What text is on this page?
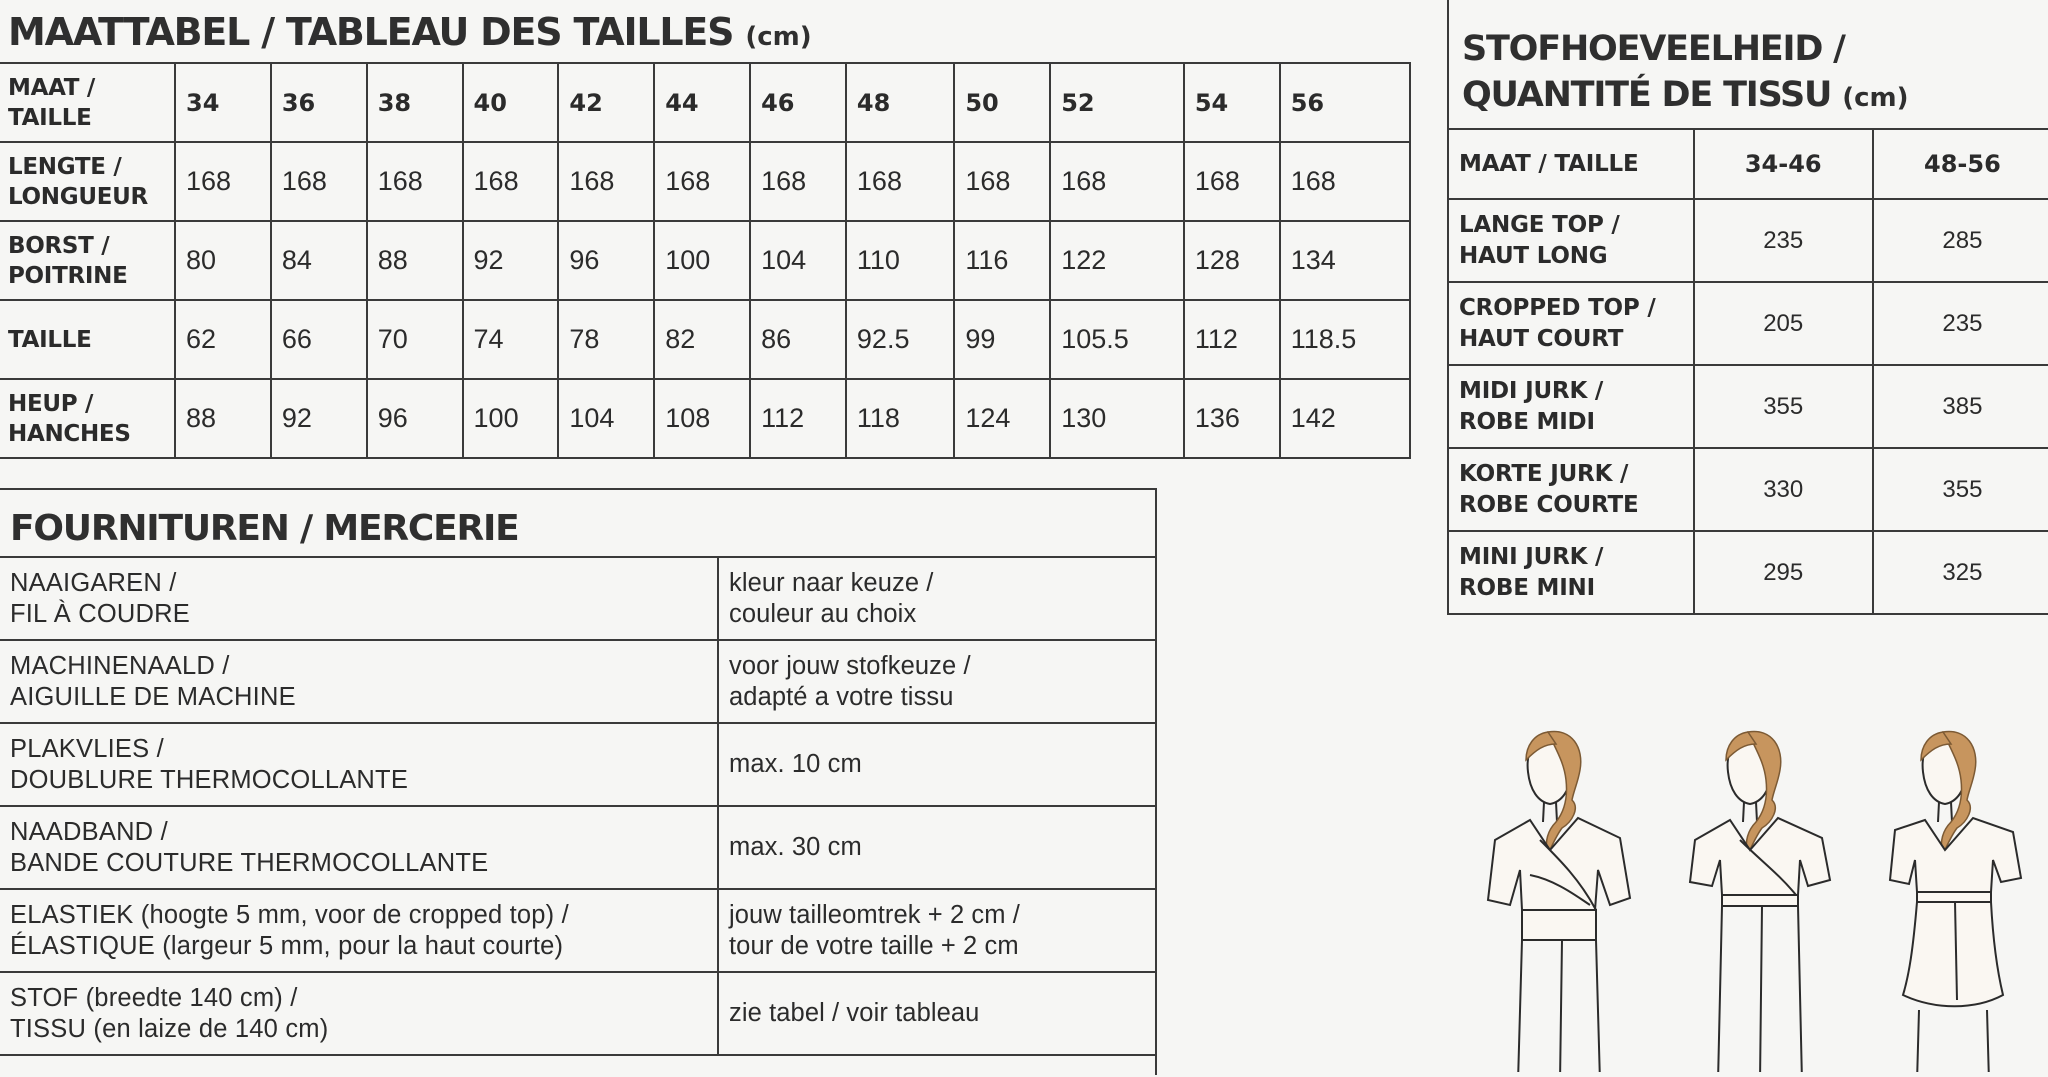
MAATTABEL / TABLEAU DES TAILLES (cm)
MAAT /
TAILLE	34	36	38	40	42	44	46	48	50	52	54	56
LENGTE /
LONGUEUR	168	168	168	168	168	168	168	168	168	168	168	168
BORST /
POITRINE	80	84	88	92	96	100	104	110	116	122	128	134
TAILLE	62	66	70	74	78	82	86	92.5	99	105.5	112	118.5
HEUP /
HANCHES	88	92	96	100	104	108	112	118	124	130	136	142
FOURNITUREN / MERCERIE
NAAIGAREN /
FIL À COUDRE	kleur naar keuze /
couleur au choix
MACHINENAALD /
AIGUILLE DE MACHINE	voor jouw stofkeuze /
adapté a votre tissu
PLAKVLIES /
DOUBLURE THERMOCOLLANTE	max. 10 cm
NAADBAND /
BANDE COUTURE THERMOCOLLANTE	max. 30 cm
ELASTIEK (hoogte 5 mm, voor de cropped top) /
ÉLASTIQUE (largeur 5 mm, pour la haut courte)	jouw tailleomtrek + 2 cm /
tour de votre taille + 2 cm
STOF (breedte 140 cm) /
TISSU (en laize de 140 cm)	zie tabel / voir tableau
STOFHOEVEELHEID /
QUANTITÉ DE TISSU (cm)
MAAT / TAILLE	34-46	48-56
LANGE TOP /
HAUT LONG	235	285
CROPPED TOP /
HAUT COURT	205	235
MIDI JURK /
ROBE MIDI	355	385
KORTE JURK /
ROBE COURTE	330	355
MINI JURK /
ROBE MINI	295	325
